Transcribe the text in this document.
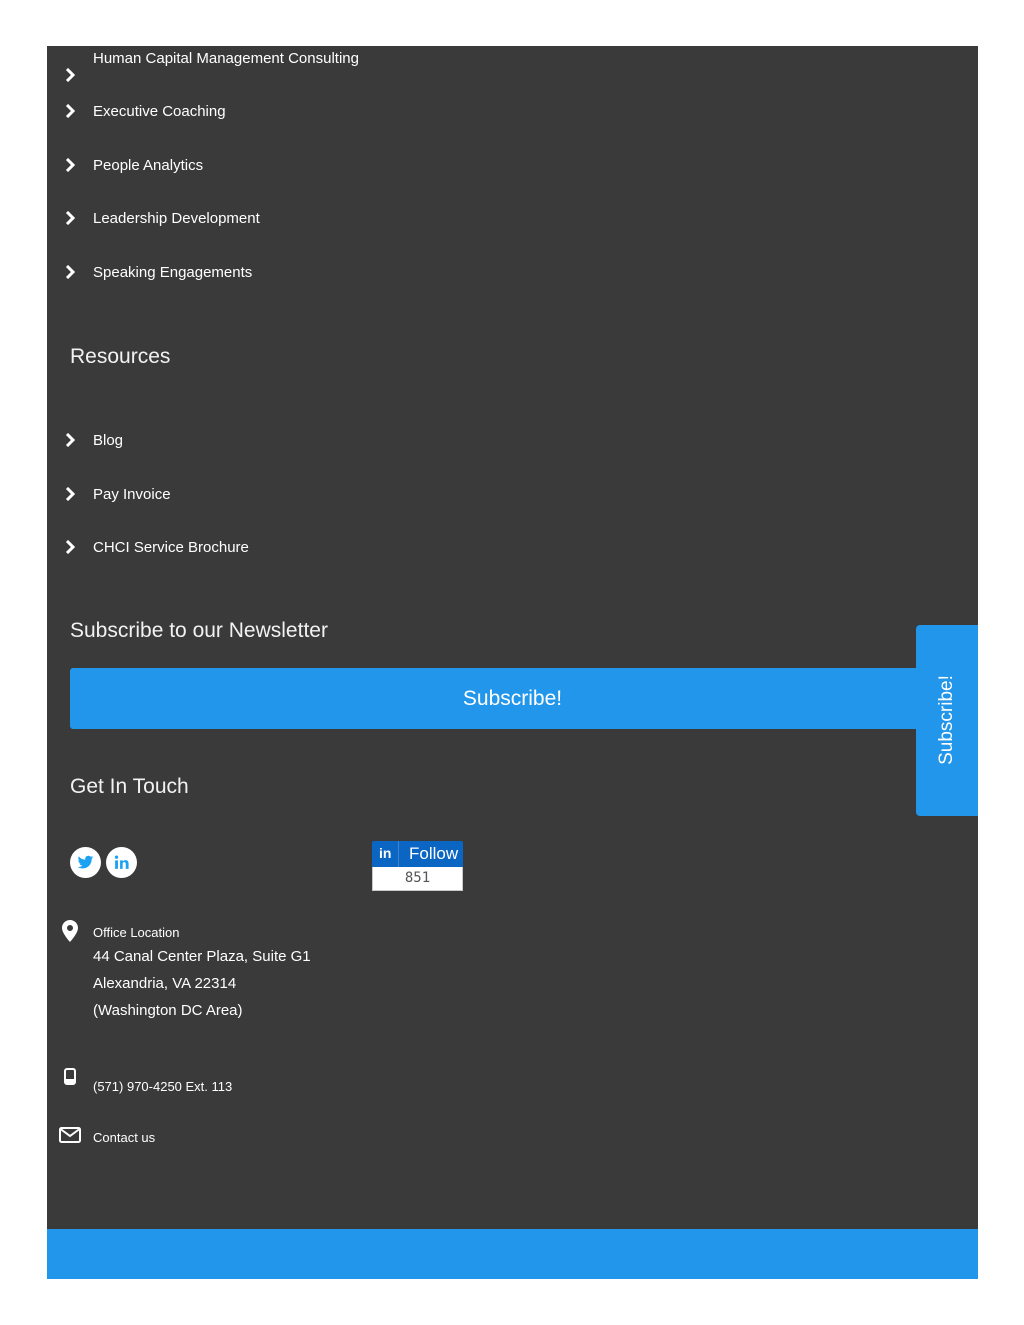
Human Capital Management Consulting
Executive Coaching
People Analytics
Leadership Development
Speaking Engagements
Resources
Blog
Pay Invoice
CHCI Service Brochure
Subscribe to our Newsletter
Subscribe!
Get In Touch
in Follow
851
Office Location
44 Canal Center Plaza, Suite G1
Alexandria, VA 22314
(Washington DC Area)
(571) 970-4250 Ext. 113
Contact us
Subscribe!
